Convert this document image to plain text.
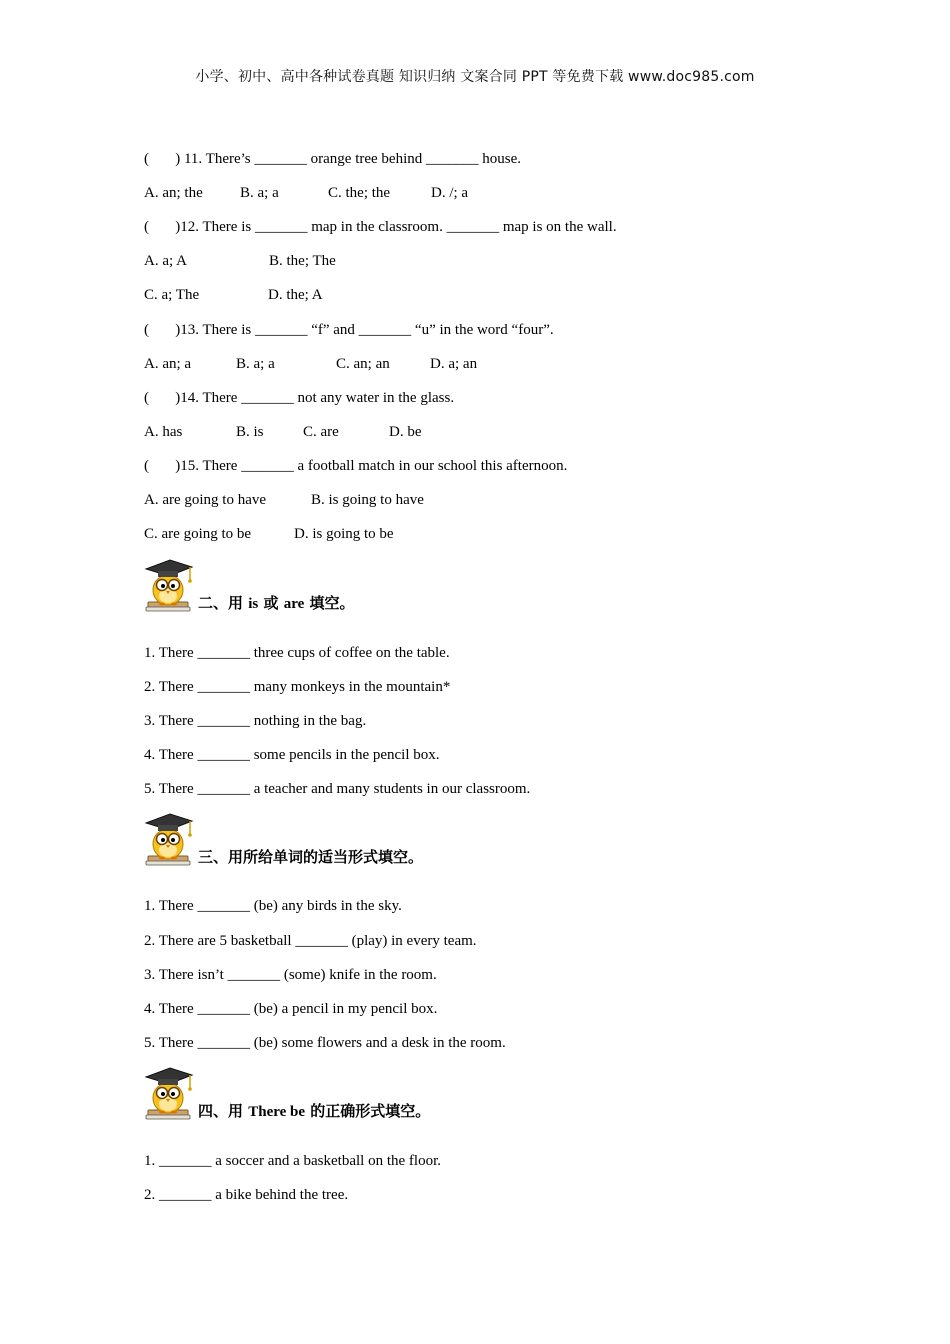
小学、初中、高中各种试卷真题 知识归纳 文案合同 PPT 等免费下载 www.doc985.com
(       ) 11. There’s _______ orange tree behind _______ house.

A. an; the

B. a; a

	C. the; the

	D. /; a

(       )12. There is _______ map in the classroom. _______ map is on the wall.

A. a; A

	B. the; The

C. a; The

	D. the; A

(       )13. There is _______ “f” and _______ “u” in the word “four”.

A. an; a

	B. a; a

	C. an; an

	D. a; an

(       )14. There _______ not any water in the glass.

A. has

	B. is

	C. are

	D. be

(       )15. There _______ a football match in our school this afternoon.

A. are going to have

	B. is going to have

C. are going to be

	D. is going to be

二、用 is 或 are 填空。
1. There _______ three cups of coffee on the table.
2. There _______ many monkeys in the mountain*
3. There _______ nothing in the bag.
4. There _______ some pencils in the pencil box.
5. There _______ a teacher and many students in our classroom.
三、用所给单词的适当形式填空。
1. There _______ (be) any birds in the sky.
2. There are 5 basketball _______ (play) in every team.
3. There isn’t _______ (some) knife in the room.
4. There _______ (be) a pencil in my pencil box.
5. There _______ (be) some flowers and a desk in the room.
四、用 There be 的正确形式填空。
1. _______ a soccer and a basketball on the floor.
2. _______ a bike behind the tree.
